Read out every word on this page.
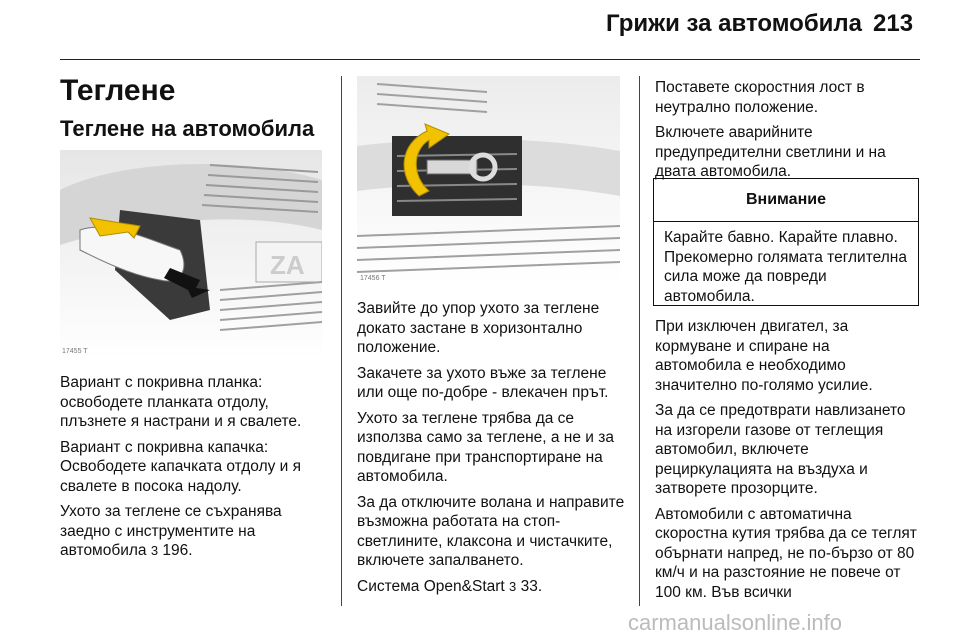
Грижи за автомобила 213
Теглене
Теглене на автомобила
ZA
17455 T
17456 T

Вариант с покривна планка: освободете планката отдолу, плъзнете я настрани и я свалете.

Вариант с покривна капачка: Освободете капачката отдолу и я свалете в посока надолу.

Ухото за теглене се съхранява заедно с инструментите на автомобила 3 196.

Завийте до упор ухото за теглене докато застане в хоризонтално положение.

Закачете за ухото въже за теглене или още по-добре - влекачен прът.

Ухото за теглене трябва да се използва само за теглене, а не и за повдигане при транспортиране на автомобила.

За да отключите волана и направите възможна работата на стоп-светлините, клаксона и чистачките, включете запалването.

Система Open&Start 3 33.

Поставете скоростния лост в неутрално положение.

Включете аварийните предупредителни светлини и на двата автомобила.

Внимание
Карайте бавно. Карайте плавно. Прекомерно голямата теглителна сила може да повреди автомобила.

При изключен двигател, за кормуване и спиране на автомобила е необходимо значително по-голямо усилие.

За да се предотврати навлизането на изгорели газове от теглещия автомобил, включете рециркулацията на въздуха и затворете прозорците.

Автомобили с автоматична скоростна кутия трябва да се теглят обърнати напред, не по-бързо от 80 км/ч и на разстояние не повече от 100 км. Във всички

carmanualsonline.info
